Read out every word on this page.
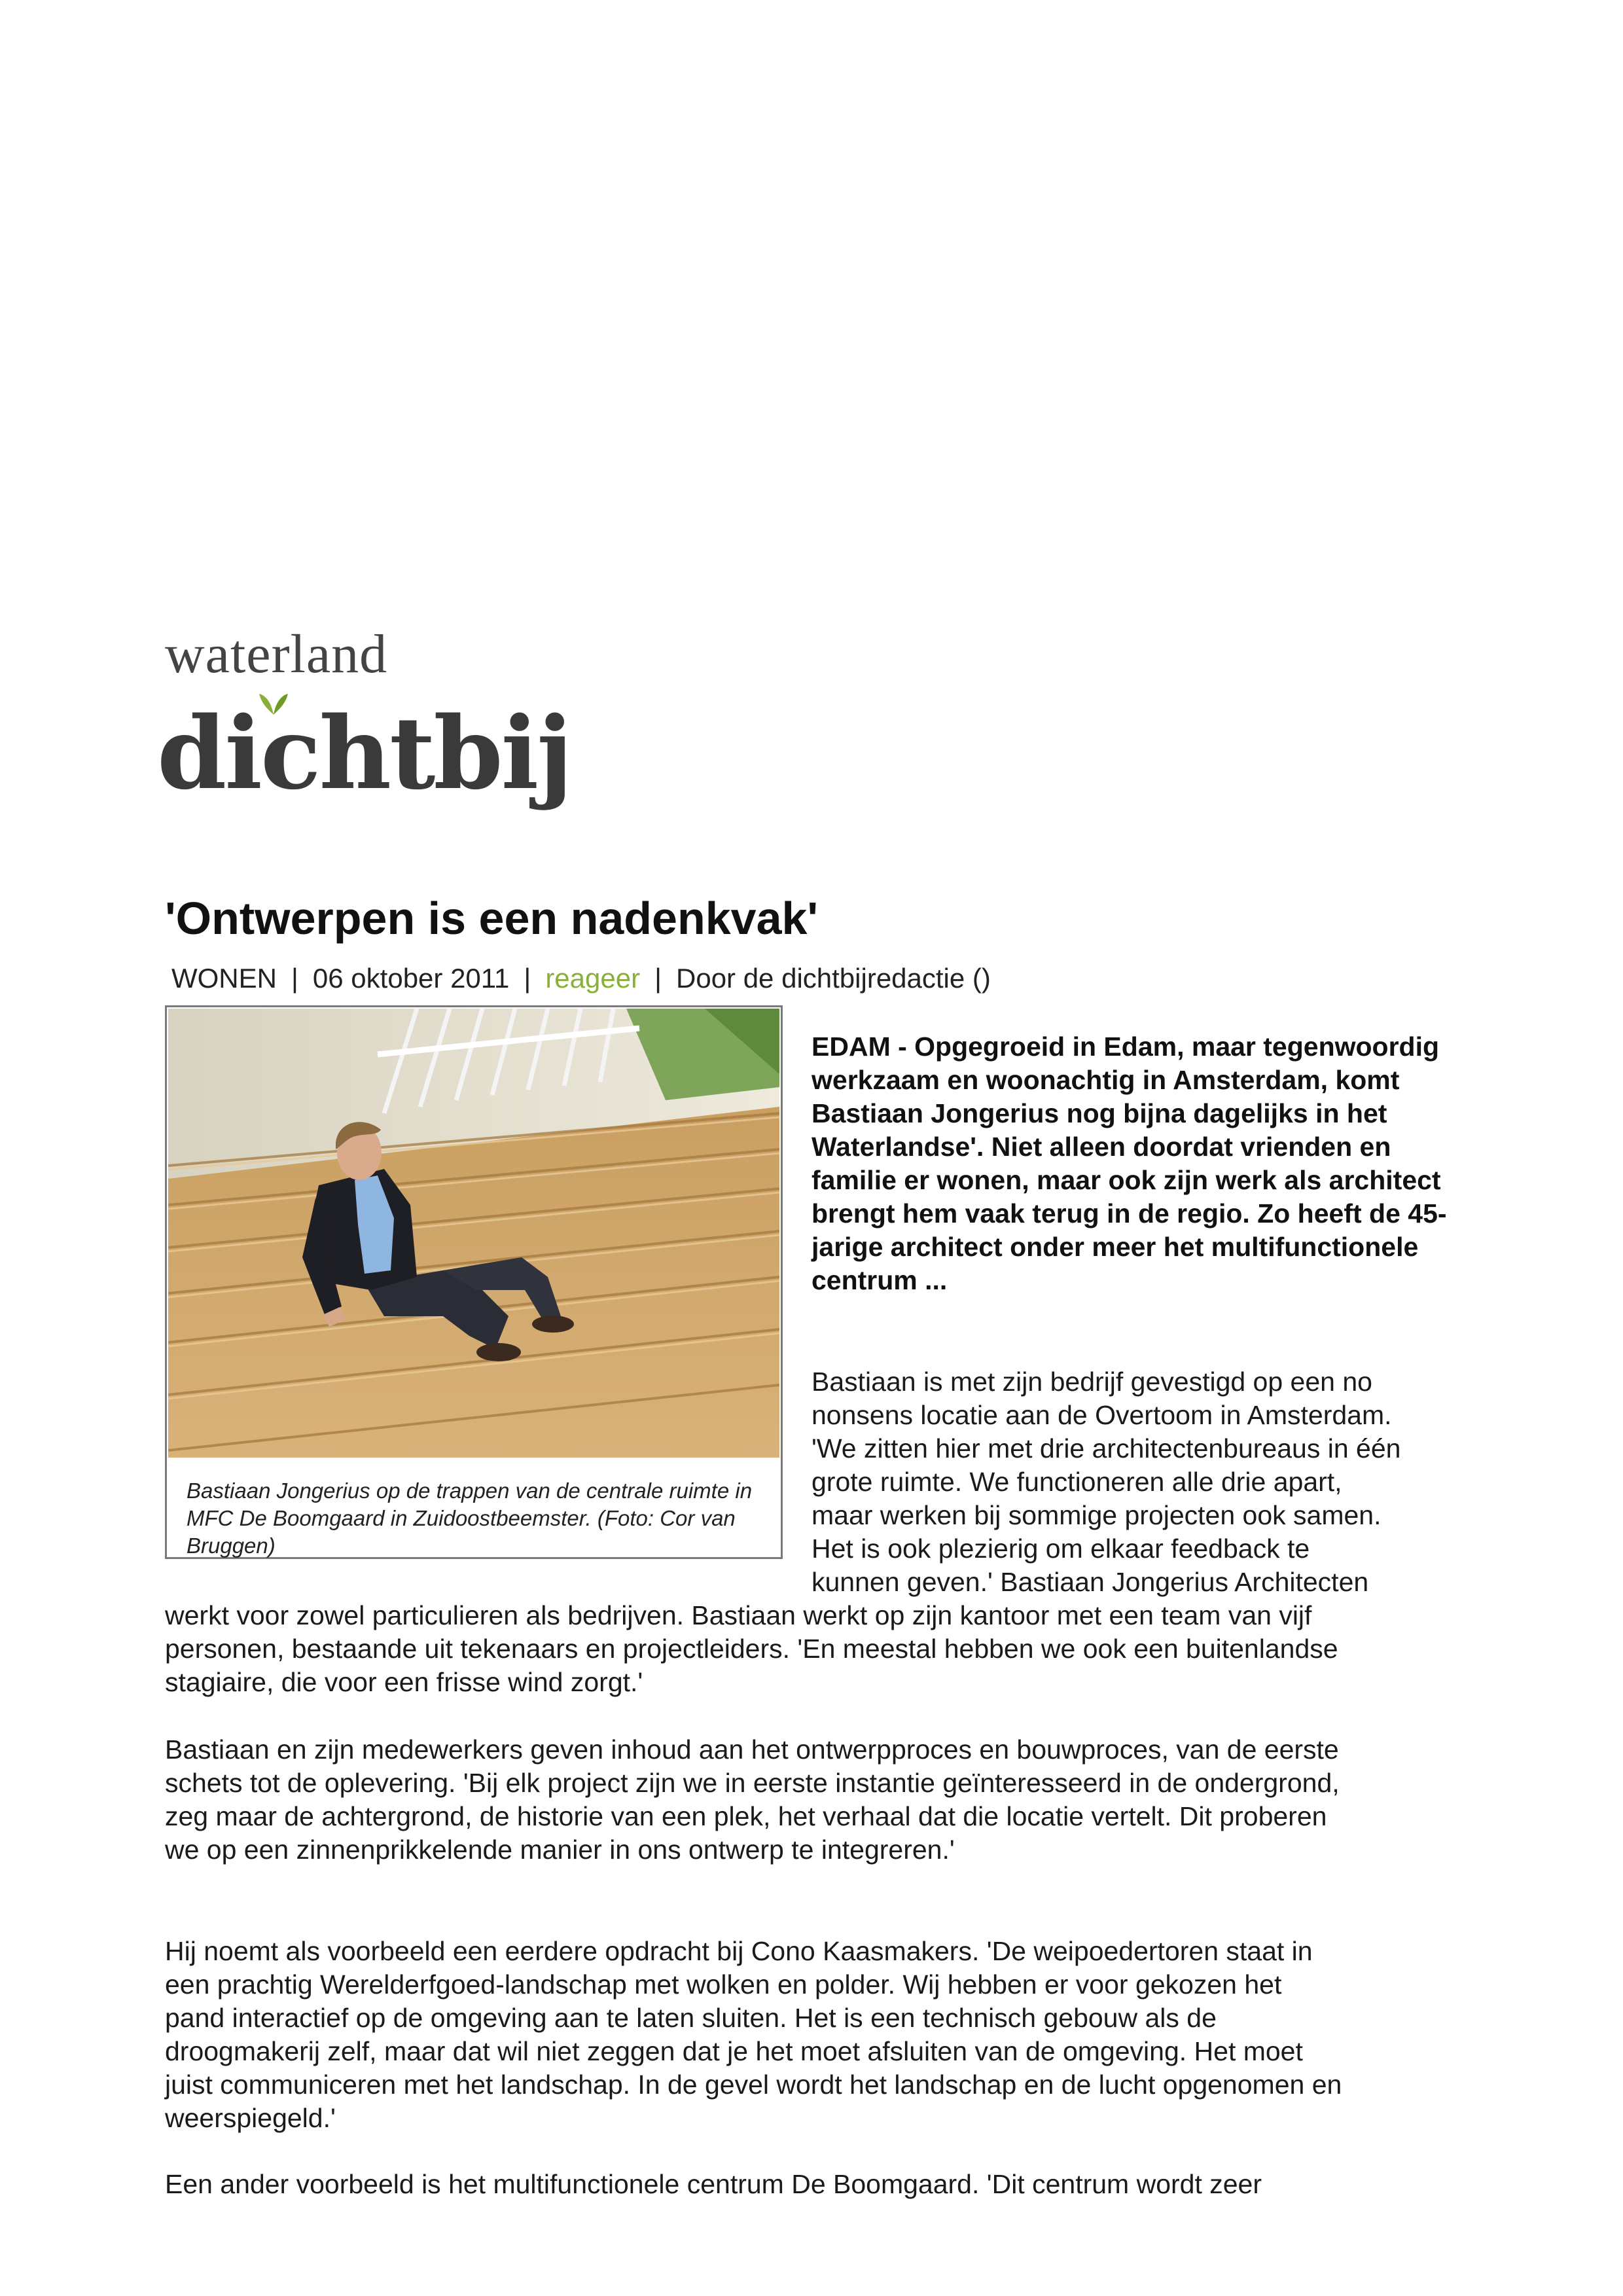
waterland
dichtbij
'Ontwerpen is een nadenkvak'
WONEN | 06 oktober 2011 | reageer | Door de dichtbijredactie ()
Bastiaan Jongerius op de trappen van de centrale ruimte in MFC De Boomgaard in Zuidoostbeemster. (Foto: Cor van Bruggen)
EDAM - Opgegroeid in Edam, maar tegenwoordig werkzaam en woonachtig in Amsterdam, komt Bastiaan Jongerius nog bijna dagelijks in het Waterlandse'. Niet alleen doordat vrienden en familie er wonen, maar ook zijn werk als architect brengt hem vaak terug in de regio. Zo heeft de 45-jarige architect onder meer het multifunctionele centrum ...
Bastiaan is met zijn bedrijf gevestigd op een no
nonsens locatie aan de Overtoom in Amsterdam.
'We zitten hier met drie architectenbureaus in één
grote ruimte. We functioneren alle drie apart,
maar werken bij sommige projecten ook samen.
Het is ook plezierig om elkaar feedback te
kunnen geven.' Bastiaan Jongerius Architecten
werkt voor zowel particulieren als bedrijven. Bastiaan werkt op zijn kantoor met een team van vijf
personen, bestaande uit tekenaars en projectleiders. 'En meestal hebben we ook een buitenlandse
stagiaire, die voor een frisse wind zorgt.'
Bastiaan en zijn medewerkers geven inhoud aan het ontwerpproces en bouwproces, van de eerste
schets tot de oplevering. 'Bij elk project zijn we in eerste instantie geïnteresseerd in de ondergrond,
zeg maar de achtergrond, de historie van een plek, het verhaal dat die locatie vertelt. Dit proberen
we op een zinnenprikkelende manier in ons ontwerp te integreren.'
Hij noemt als voorbeeld een eerdere opdracht bij Cono Kaasmakers. 'De weipoedertoren staat in
een prachtig Werelderfgoed-landschap met wolken en polder. Wij hebben er voor gekozen het
pand interactief op de omgeving aan te laten sluiten. Het is een technisch gebouw als de
droogmakerij zelf, maar dat wil niet zeggen dat je het moet afsluiten van de omgeving. Het moet
juist communiceren met het landschap. In de gevel wordt het landschap en de lucht opgenomen en
weerspiegeld.'
Een ander voorbeeld is het multifunctionele centrum De Boomgaard. 'Dit centrum wordt zeer
